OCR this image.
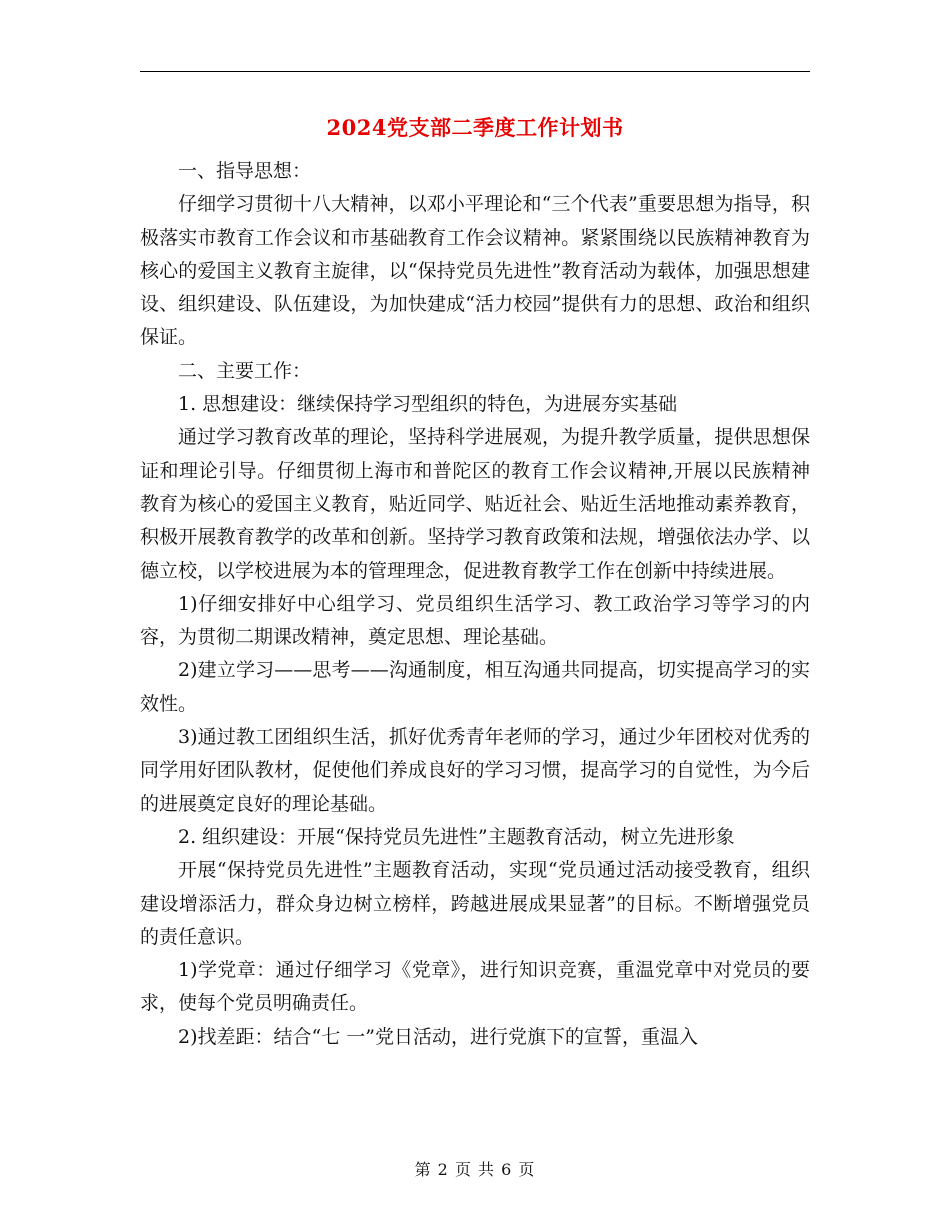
2024党支部二季度工作计划书

一、指导思想：

仔细学习贯彻十八大精神，以邓小平理论和“三个代表”重要思想为指导，积极落实市教育工作会议和市基础教育工作会议精神。紧紧围绕以民族精神教育为核心的爱国主义教育主旋律，以“保持党员先进性”教育活动为载体，加强思想建设、组织建设、队伍建设，为加快建成“活力校园”提供有力的思想、政治和组织保证。

二、主要工作：

1. 思想建设：继续保持学习型组织的特色，为进展夯实基础

通过学习教育改革的理论，坚持科学进展观，为提升教学质量，提供思想保证和理论引导。仔细贯彻上海市和普陀区的教育工作会议精神,开展以民族精神教育为核心的爱国主义教育，贴近同学、贴近社会、贴近生活地推动素养教育，积极开展教育教学的改革和创新。坚持学习教育政策和法规，增强依法办学、以德立校，以学校进展为本的管理理念，促进教育教学工作在创新中持续进展。

1)仔细安排好中心组学习、党员组织生活学习、教工政治学习等学习的内容，为贯彻二期课改精神，奠定思想、理论基础。

2)建立学习——思考——沟通制度，相互沟通共同提高，切实提高学习的实效性。

3)通过教工团组织生活，抓好优秀青年老师的学习，通过少年团校对优秀的同学用好团队教材，促使他们养成良好的学习习惯，提高学习的自觉性，为今后的进展奠定良好的理论基础。

2. 组织建设：开展“保持党员先进性”主题教育活动，树立先进形象

开展“保持党员先进性”主题教育活动，实现“党员通过活动接受教育，组织建设增添活力，群众身边树立榜样，跨越进展成果显著”的目标。不断增强党员的责任意识。

1)学党章：通过仔细学习《党章》，进行知识竞赛，重温党章中对党员的要求，使每个党员明确责任。

2)找差距：结合“七 一”党日活动，进行党旗下的宣誓，重温入

第 2 页 共 6 页
